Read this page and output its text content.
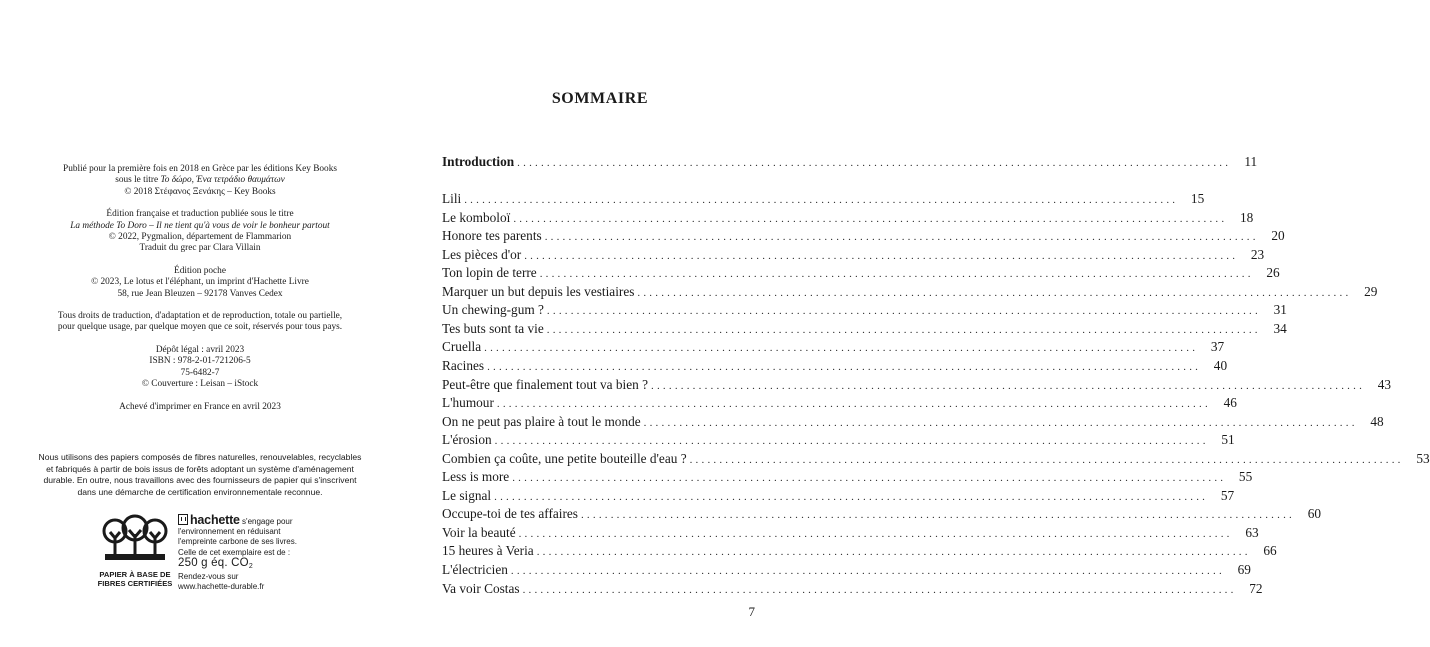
Publié pour la première fois en 2018 en Grèce par les éditions Key Books
sous le titre Το δώρο, Ένα τετράδιο θαυμάτων
© 2018 Στέφανος Ξενάκης – Key Books
Édition française et traduction publiée sous le titre
La méthode To Doro – Il ne tient qu'à vous de voir le bonheur partout
© 2022, Pygmalion, département de Flammarion
Traduit du grec par Clara Villain
Édition poche
© 2023, Le lotus et l'éléphant, un imprint d'Hachette Livre
58, rue Jean Bleuzen – 92178 Vanves Cedex
Tous droits de traduction, d'adaptation et de reproduction, totale ou partielle,
pour quelque usage, par quelque moyen que ce soit, réservés pour tous pays.
Dépôt légal : avril 2023
ISBN : 978-2-01-721206-5
75-6482-7
© Couverture : Leisan – iStock
Achevé d'imprimer en France en avril 2023
Nous utilisons des papiers composés de fibres naturelles, renouvelables, recyclables
et fabriqués à partir de bois issus de forêts adoptant un système d'aménagement
durable. En outre, nous travaillons avec des fournisseurs de papier qui s'inscrivent
dans une démarche de certification environnementale reconnue.
PAPIER À BASE DE
FIBRES CERTIFIÉES
hachette s'engage pour
l'environnement en réduisant
l'empreinte carbone de ses livres.
Celle de cet exemplaire est de :
250 g éq. CO2
Rendez-vous sur
www.hachette-durable.fr
SOMMAIRE
Introduction ........................................................................................................................ 11
Lili ........................................................................................................................ 15
Le komboloï ........................................................................................................................ 18
Honore tes parents ........................................................................................................................ 20
Les pièces d'or ........................................................................................................................ 23
Ton lopin de terre ........................................................................................................................ 26
Marquer un but depuis les vestiaires ........................................................................................................................ 29
Un chewing-gum ? ........................................................................................................................ 31
Tes buts sont ta vie ........................................................................................................................ 34
Cruella ........................................................................................................................ 37
Racines ........................................................................................................................ 40
Peut-être que finalement tout va bien ? ........................................................................................................................ 43
L'humour ........................................................................................................................ 46
On ne peut pas plaire à tout le monde ........................................................................................................................ 48
L'érosion ........................................................................................................................ 51
Combien ça coûte, une petite bouteille d'eau ? ........................................................................................................................ 53
Less is more ........................................................................................................................ 55
Le signal ........................................................................................................................ 57
Occupe-toi de tes affaires ........................................................................................................................ 60
Voir la beauté ........................................................................................................................ 63
15 heures à Veria ........................................................................................................................ 66
L'électricien ........................................................................................................................ 69
Va voir Costas ........................................................................................................................ 72
7
